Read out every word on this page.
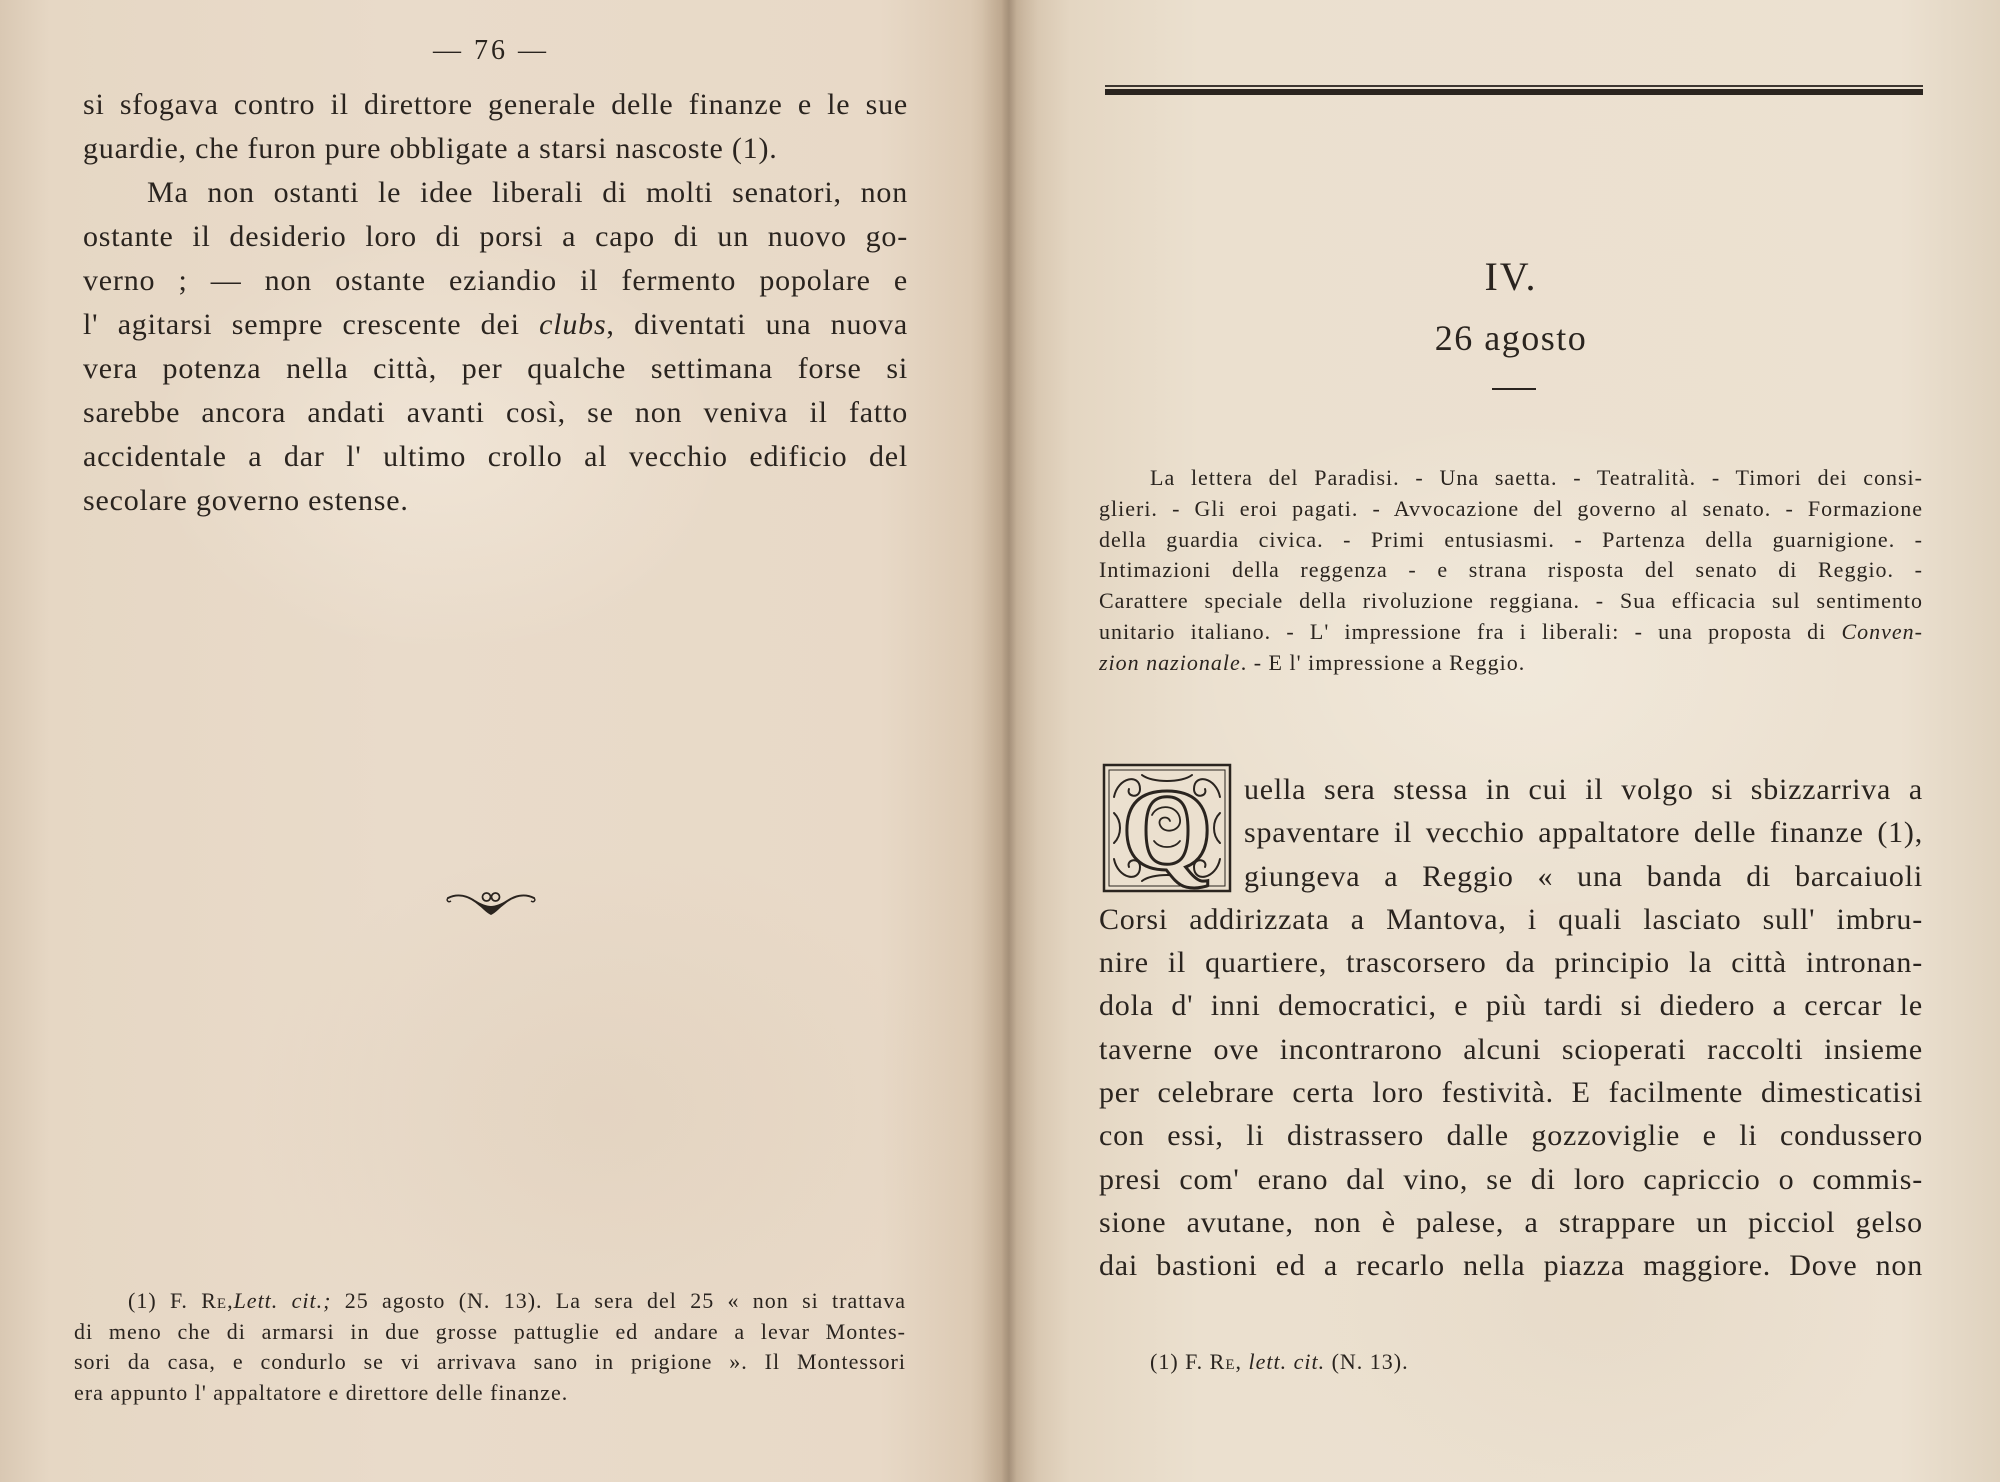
— 76 —
si sfogava contro il direttore generale delle finanze e le sue
guardie, che furon pure obbligate a starsi nascoste (1).
Ma non ostanti le idee liberali di molti senatori, non
ostante il desiderio loro di porsi a capo di un nuovo go-
verno ; — non ostante eziandio il fermento popolare e
l' agitarsi sempre crescente dei clubs, diventati una nuova
vera potenza nella città, per qualche settimana forse si
sarebbe ancora andati avanti così, se non veniva il fatto
accidentale a dar l' ultimo crollo al vecchio edificio del
secolare governo estense.
(1) F. Re,Lett. cit.; 25 agosto (N. 13). La sera del 25 « non si trattava
di meno che di armarsi in due grosse pattuglie ed andare a levar Montes-
sori da casa, e condurlo se vi arrivava sano in prigione ». Il Montessori
era appunto l' appaltatore e direttore delle finanze.
IV.
26 agosto
La lettera del Paradisi. - Una saetta. - Teatralità. - Timori dei consi-
glieri. - Gli eroi pagati. - Avvocazione del governo al senato. - Formazione
della guardia civica. - Primi entusiasmi. - Partenza della guarnigione. -
Intimazioni della reggenza - e strana risposta del senato di Reggio. -
Carattere speciale della rivoluzione reggiana. - Sua efficacia sul sentimento
unitario italiano. - L' impressione fra i liberali: - una proposta di Conven-
zion nazionale. - E l' impressione a Reggio.
Q	uella sera stessa in cui il volgo si sbizzarriva a
spaventare il vecchio appaltatore delle finanze (1),
giungeva a Reggio « una banda di barcaiuoli
Corsi addirizzata a Mantova, i quali lasciato sull' imbru-
nire il quartiere, trascorsero da principio la città intronan-
dola d' inni democratici, e più tardi si diedero a cercar le
taverne ove incontrarono alcuni scioperati raccolti insieme
per celebrare certa loro festività. E facilmente dimesticatisi
con essi, li distrassero dalle gozzoviglie e li condussero
presi com' erano dal vino, se di loro capriccio o commis-
sione avutane, non è palese, a strappare un picciol gelso
dai bastioni ed a recarlo nella piazza maggiore. Dove non
(1) F. Re, lett. cit. (N. 13).
